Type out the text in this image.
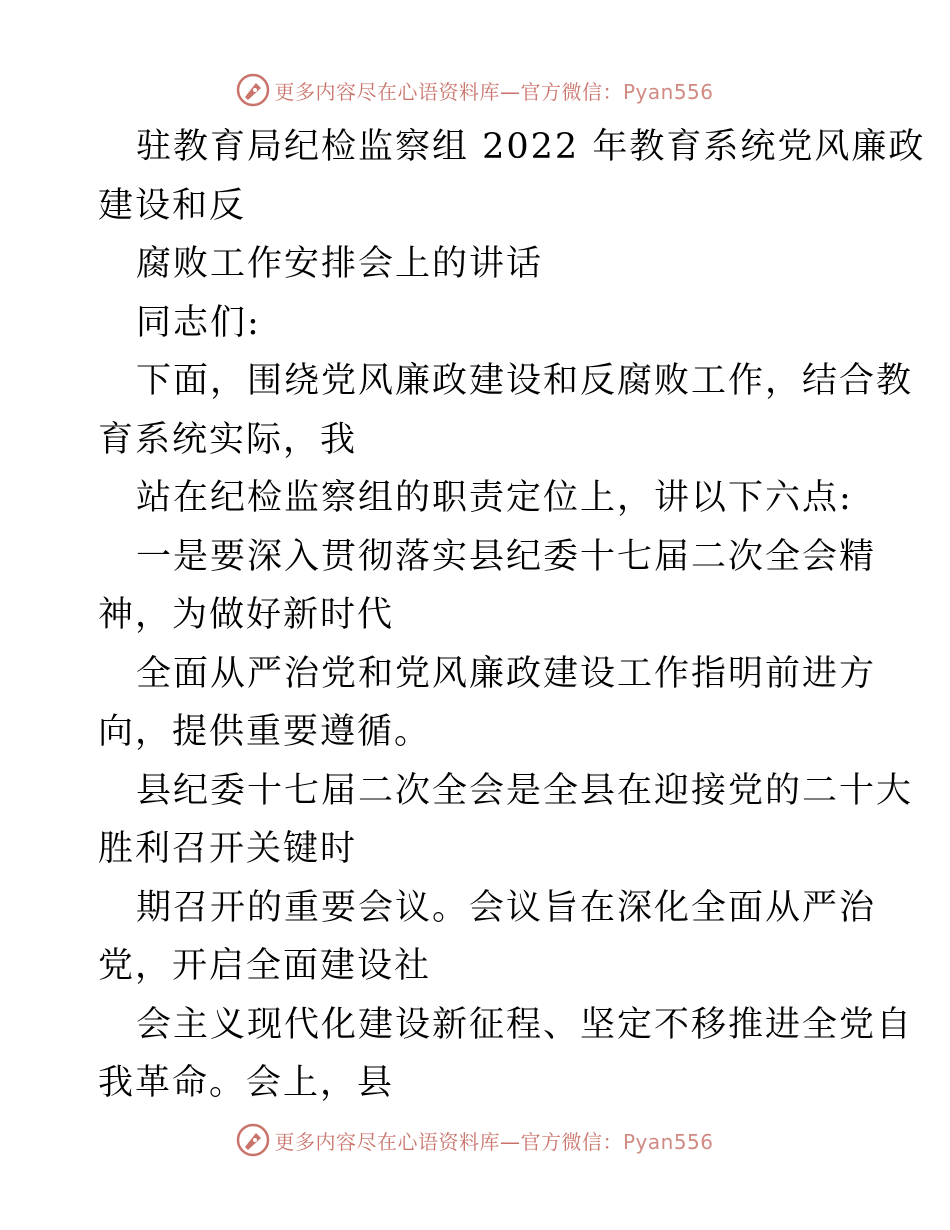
更多内容尽在心语资料库—官方微信：Pyan556

驻教育局纪检监察组 2022 年教育系统党风廉政

建设和反

腐败工作安排会上的讲话

同志们:

下面，围绕党风廉政建设和反腐败工作，结合教

育系统实际，我

站在纪检监察组的职责定位上，讲以下六点:

一是要深入贯彻落实县纪委十七届二次全会精

神，为做好新时代

全面从严治党和党风廉政建设工作指明前进方

向，提供重要遵循。

县纪委十七届二次全会是全县在迎接党的二十大

胜利召开关键时

期召开的重要会议。会议旨在深化全面从严治

党，开启全面建设社

会主义现代化建设新征程、坚定不移推进全党自

我革命。会上，县

更多内容尽在心语资料库—官方微信：Pyan556
